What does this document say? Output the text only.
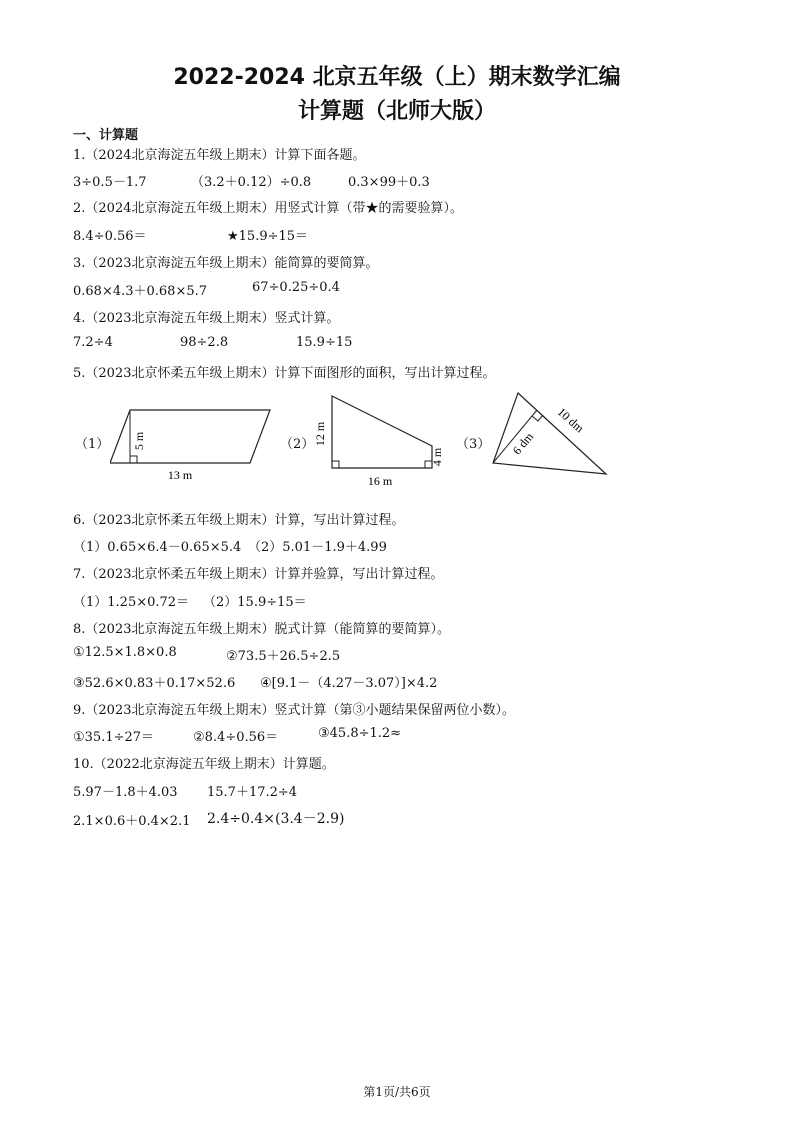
2022-2024 北京五年级（上）期末数学汇编
计算题（北师大版）
一、计算题
1.（2024北京海淀五年级上期末）计算下面各题。
3÷0.5－1.7	（3.2＋0.12）÷0.8	0.3×99＋0.3
2.（2024北京海淀五年级上期末）用竖式计算（带★的需要验算）。
8.4÷0.56＝	★15.9÷15＝
3.（2023北京海淀五年级上期末）能简算的要简算。
0.68×4.3＋0.68×5.7	67÷0.25÷0.4
4.（2023北京海淀五年级上期末）竖式计算。
7.2÷4	98÷2.8	15.9÷15
5.（2023北京怀柔五年级上期末）计算下面图形的面积，写出计算过程。
（1）	（2）	（3）
5 m
13 m
12 m
4 m
16 m
10 dm
6 dm
6.（2023北京怀柔五年级上期末）计算，写出计算过程。
（1）0.65×6.4－0.65×5.4 （2）5.01－1.9＋4.99
7.（2023北京怀柔五年级上期末）计算并验算，写出计算过程。
（1）1.25×0.72＝ （2）15.9÷15＝
8.（2023北京海淀五年级上期末）脱式计算（能简算的要简算）。
①12.5×1.8×0.8	②73.5＋26.5÷2.5
③52.6×0.83＋0.17×52.6 ④[9.1－（4.27－3.07）]×4.2
9.（2023北京海淀五年级上期末）竖式计算（第③小题结果保留两位小数）。
①35.1÷27＝	②8.4÷0.56＝	③45.8÷1.2≈
10.（2022北京海淀五年级上期末）计算题。
5.97－1.8＋4.03 15.7＋17.2÷4
2.1×0.6＋0.4×2.1 2.4÷0.4×(3.4－2.9)
第1页/共6页
